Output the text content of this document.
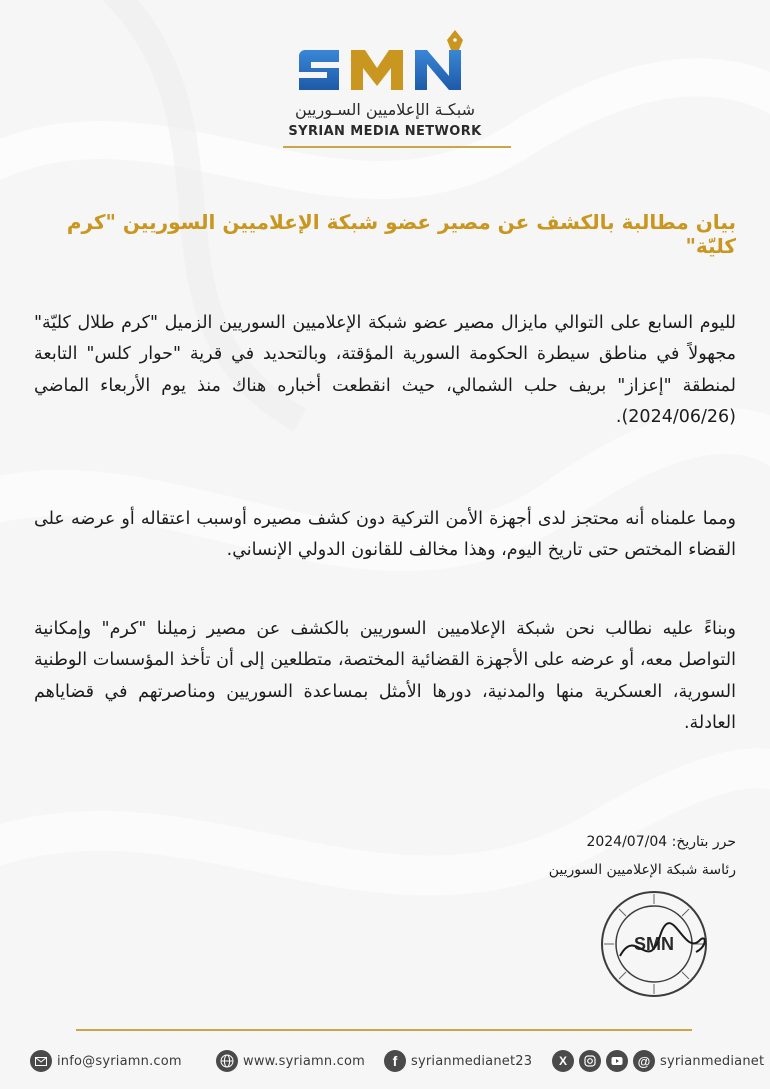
شبكـة الإعلاميين السـوريين
SYRIAN MEDIA NETWORK
بيان مطالبة بالكشف عن مصير عضو شبكة الإعلاميين السوريين "كرم كليّة"

لليوم السابع على التوالي مايزال مصير عضو شبكة الإعلاميين السوريين الزميل "كرم طلال كليّة" مجهولاً في مناطق سيطرة الحكومة السورية المؤقتة، وبالتحديد في قرية "حوار كلس" التابعة لمنطقة "إعزاز" بريف حلب الشمالي، حيث انقطعت أخباره هناك منذ يوم الأربعاء الماضي (2024/06/26).

ومما علمناه أنه محتجز لدى أجهزة الأمن التركية دون كشف مصيره أوسبب اعتقاله أو عرضه على القضاء المختص حتى تاريخ اليوم، وهذا مخالف للقانون الدولي الإنساني.

وبناءً عليه نطالب نحن شبكة الإعلاميين السوريين بالكشف عن مصير زميلنا "كرم" وإمكانية التواصل معه، أو عرضه على الأجهزة القضائية المختصة، متطلعين إلى أن تأخذ المؤسسات الوطنية السورية، العسكرية منها والمدنية، دورها الأمثل بمساعدة السوريين ومناصرتهم في قضاياهم العادلة.

حرر بتاريخ: 2024/07/04
رئاسة شبكة الإعلاميين السوريين
SMN
info@syriamn.com	www.syriamn.com f syrianmedianet23 X	@ syrianmedianet
